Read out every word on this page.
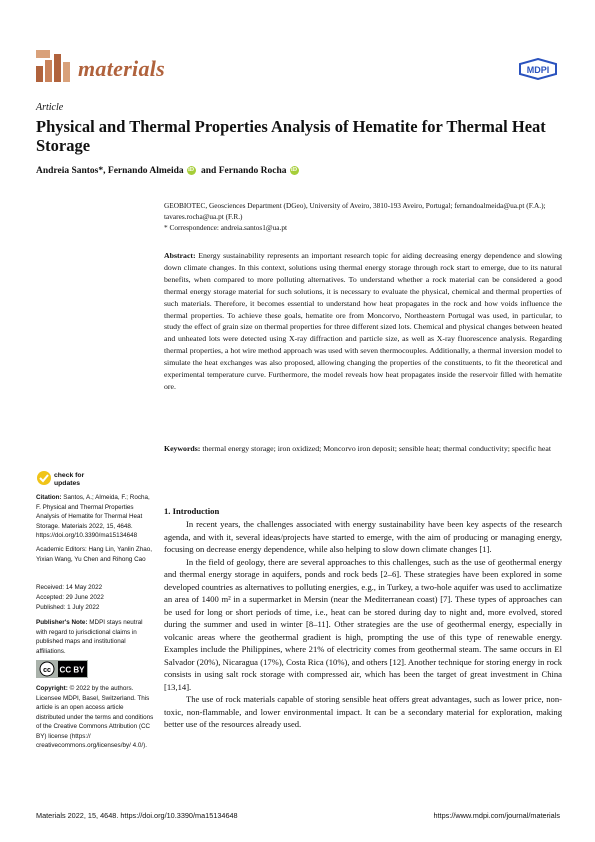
materials	MDPI
Article
Physical and Thermal Properties Analysis of Hematite for Thermal Heat Storage
Andreia Santos*, Fernando Almeida iD and Fernando Rocha iD
GEOBIOTEC, Geosciences Department (DGeo), University of Aveiro, 3810-193 Aveiro, Portugal; fernandoalmeida@ua.pt (F.A.); tavares.rocha@ua.pt (F.R.)
* Correspondence: andreia.santos1@ua.pt
Abstract: Energy sustainability represents an important research topic for aiding decreasing energy dependence and slowing down climate changes. In this context, solutions using thermal energy storage through rock start to emerge, due to its natural benefits, when compared to more polluting alternatives. To understand whether a rock material can be considered a good thermal energy storage material for such solutions, it is necessary to evaluate the physical, chemical and thermal properties of such materials. Therefore, it becomes essential to understand how heat propagates in the rock and how voids influence the thermal properties. To achieve these goals, hematite ore from Moncorvo, Northeastern Portugal was used, in particular, to study the effect of grain size on thermal properties for three different sized lots. Chemical and physical changes between heated and unheated lots were detected using X-ray diffraction and particle size, as well as X-ray fluorescence analysis. Regarding thermal properties, a hot wire method approach was used with seven thermocouples. Additionally, a thermal inversion model to simulate the heat exchanges was also proposed, allowing changing the properties of the constituents, to fit the theoretical and experimental temperature curve. Furthermore, the model reveals how heat propagates inside the reservoir filled with hematite ore.
Keywords: thermal energy storage; iron oxidized; Moncorvo iron deposit; sensible heat; thermal conductivity; specific heat
check for updates
Citation: Santos, A.; Almeida, F.; Rocha, F. Physical and Thermal Properties Analysis of Hematite for Thermal Heat Storage. Materials 2022, 15, 4648. https://doi.org/10.3390/ma15134648
Academic Editors: Hang Lin, Yanlin Zhao, Yixian Wang, Yu Chen and Rihong Cao
Received: 14 May 2022
Accepted: 29 June 2022
Published: 1 July 2022
Publisher's Note: MDPI stays neutral with regard to jurisdictional claims in published maps and institutional affiliations.
cc CC BY
Copyright: © 2022 by the authors. Licensee MDPI, Basel, Switzerland. This article is an open access article distributed under the terms and conditions of the Creative Commons Attribution (CC BY) license (https:// creativecommons.org/licenses/by/ 4.0/).
1. Introduction

In recent years, the challenges associated with energy sustainability have been key aspects of the research agenda, and with it, several ideas/projects have started to emerge, with the aim of producing or managing energy, focusing on decrease energy dependence, while also helping to slow down climate changes [1].

In the field of geology, there are several approaches to this challenges, such as the use of geothermal energy and thermal energy storage in aquifers, ponds and rock beds [2–6]. These strategies have been explored in some developed countries as alternatives to polluting energies, e.g., in Turkey, a two-hole aquifer was used to acclimatize an area of 1400 m² in a supermarket in Mersin (near the Mediterranean coast) [7]. These types of approaches can be used for long or short periods of time, i.e., heat can be stored during day to night and, more evolved, stored during the summer and used in winter [8–11]. Other strategies are the use of geothermal energy, especially in volcanic areas where the geothermal gradient is high, prompting the use of this type of renewable energy. Examples include the Philippines, where 21% of electricity comes from geothermal steam. The same occurs in El Salvador (20%), Nicaragua (17%), Costa Rica (10%), and others [12]. Another technique for storing energy in rock consists in using salt rock storage with compressed air, which has been the target of great investment in China [13,14].

The use of rock materials capable of storing sensible heat offers great advantages, such as lower price, non-toxic, non-flammable, and lower environmental impact. It can be a secondary material for exploration, making better use of the resources already used.

Materials 2022, 15, 4648. https://doi.org/10.3390/ma15134648	https://www.mdpi.com/journal/materials
